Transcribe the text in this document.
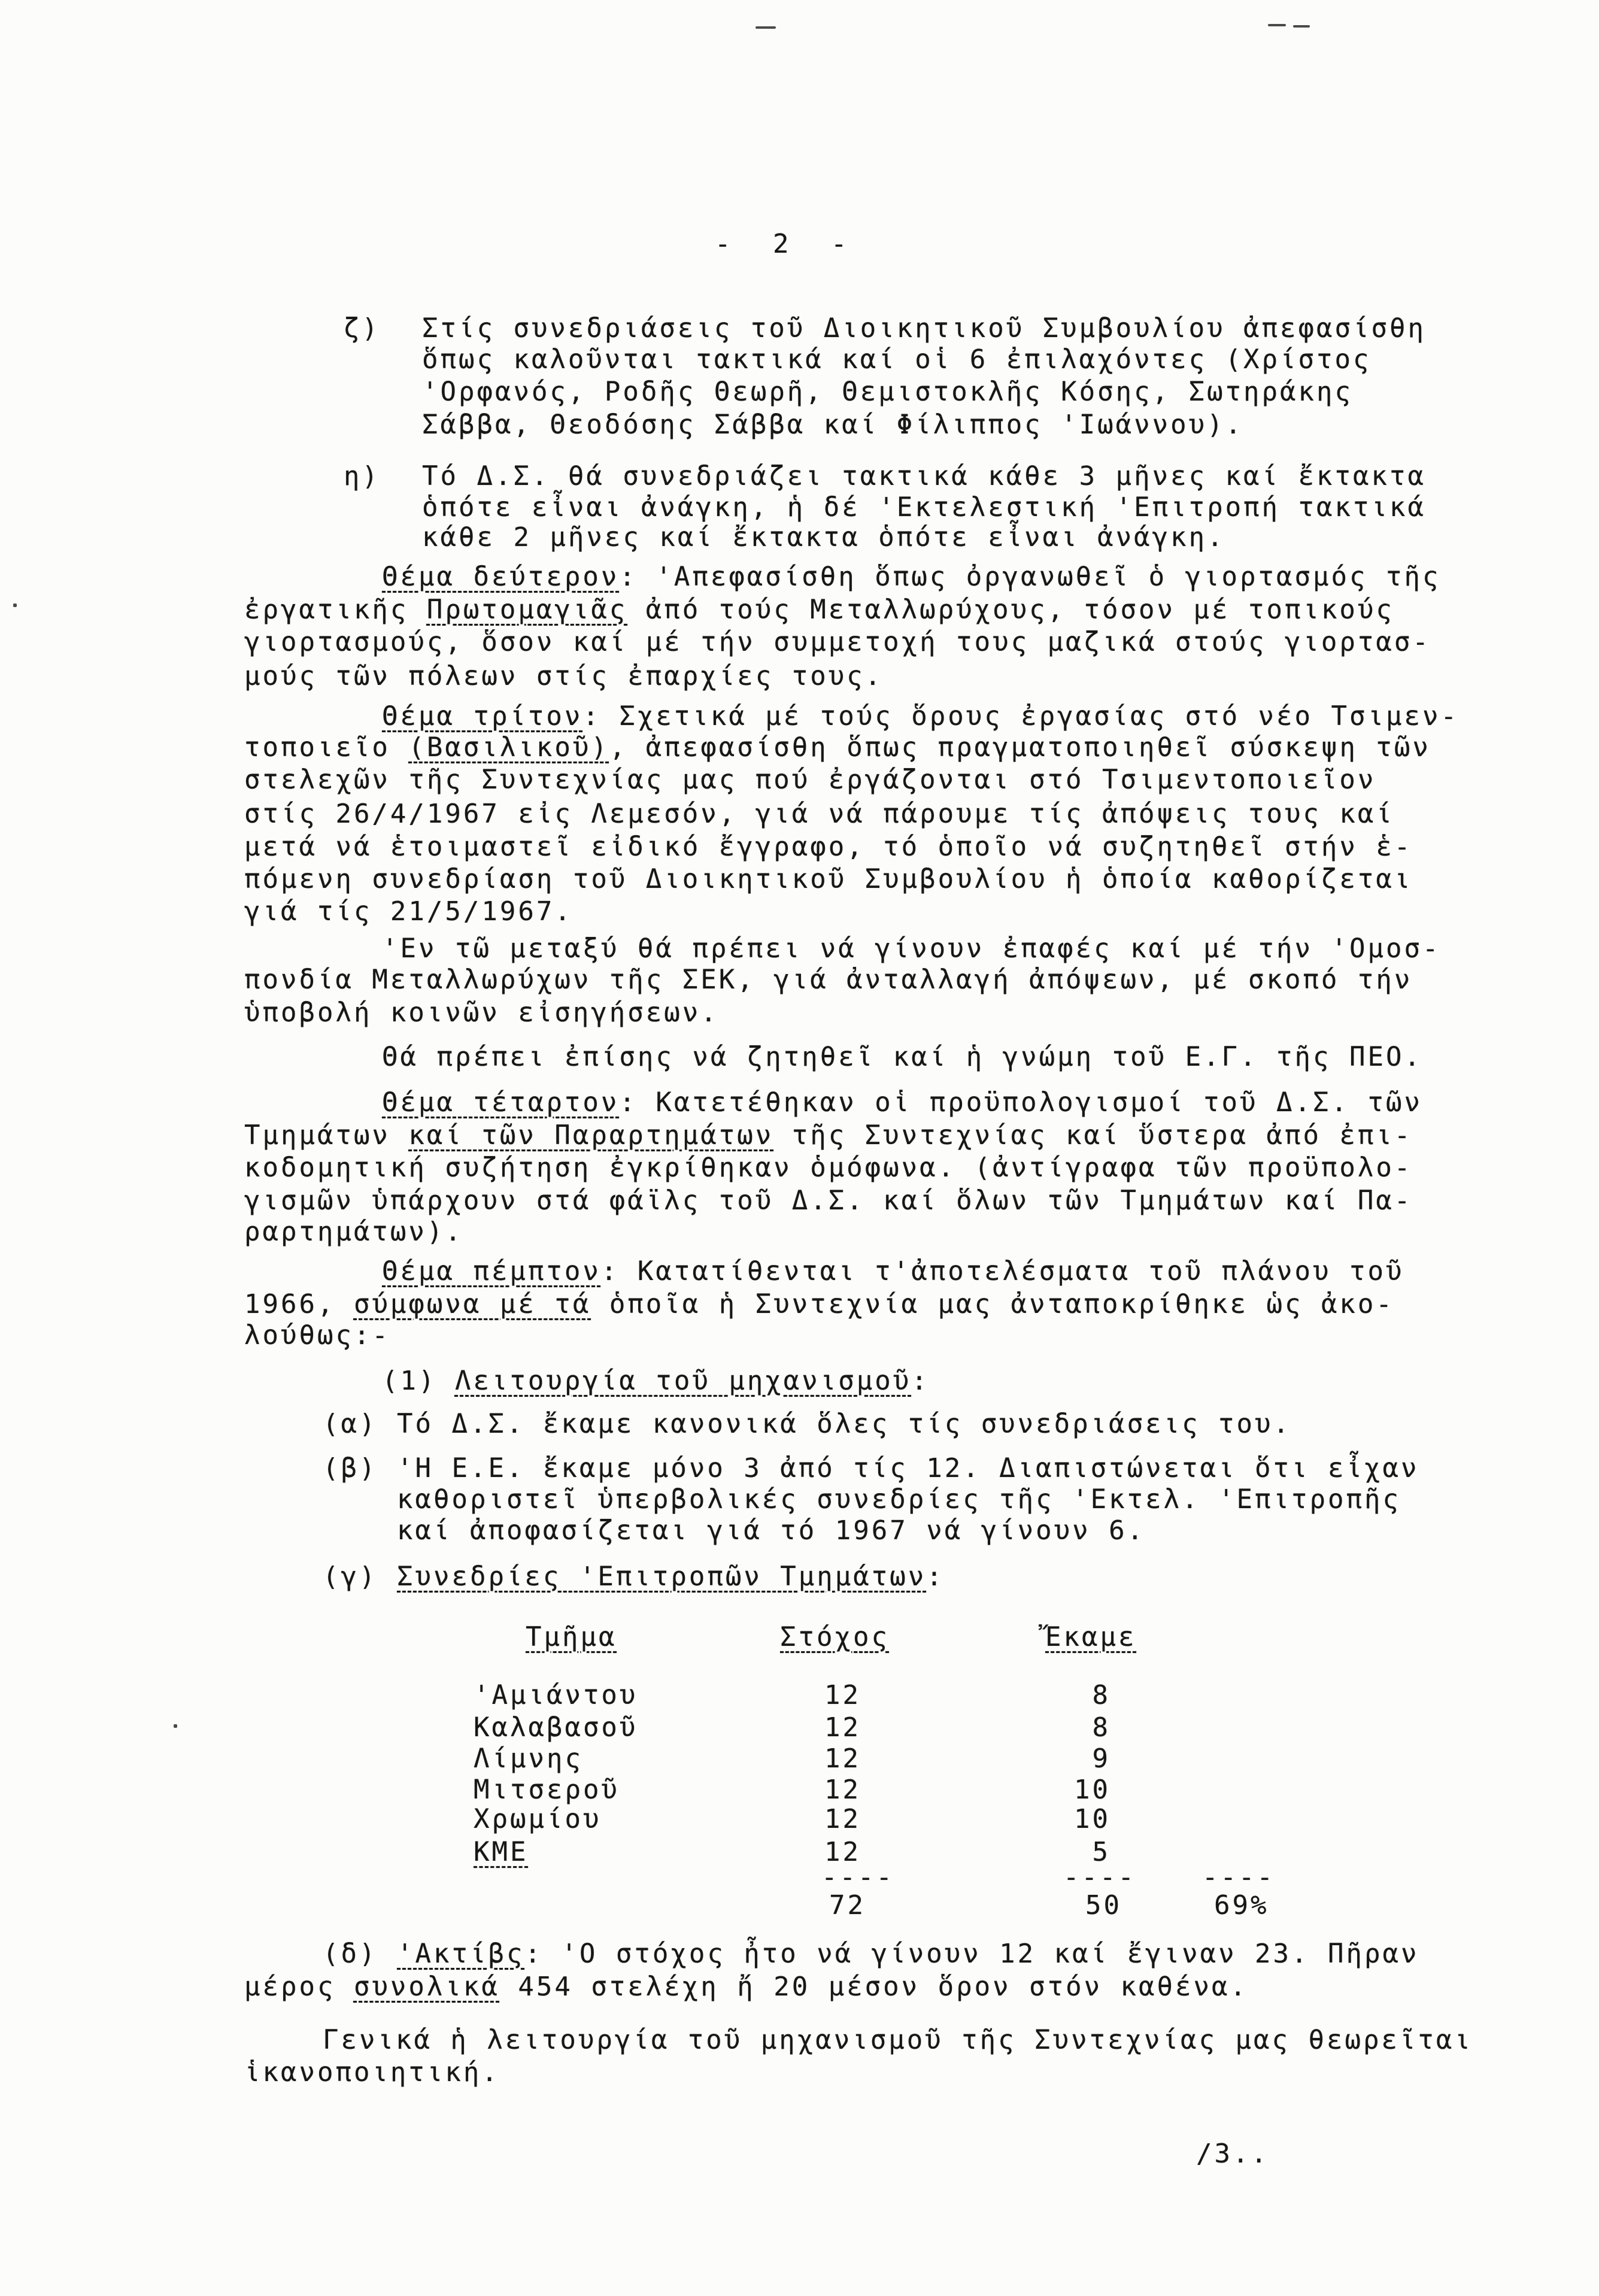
- 2 -
ζ) Στίς συνεδριάσεις τοῦ Διοικητικοῦ Συμβουλίου ἀπεφασίσθη
ὅπως καλοῦνται τακτικά καί οἱ 6 ἐπιλαχόντες (Χρίστος
'Ορφανός, Ροδῆς Θεωρῆ, Θεμιστοκλῆς Κόσης, Σωτηράκης
Σάββα, Θεοδόσης Σάββα καί Φίλιππος 'Ιωάννου).
η) Τό Δ.Σ. θά συνεδριάζει τακτικά κάθε 3 μῆνες καί ἔκτακτα
ὁπότε εἶναι ἀνάγκη, ἡ δέ 'Εκτελεστική 'Επιτροπή τακτικά
κάθε 2 μῆνες καί ἔκτακτα ὁπότε εἶναι ἀνάγκη.
Θέμα δεύτερον: 'Απεφασίσθη ὅπως ὀργανωθεῖ ὁ γιορτασμός τῆς
ἐργατικῆς Πρωτομαγιᾶς ἀπό τούς Μεταλλωρύχους, τόσον μέ τοπικούς
γιορτασμούς, ὅσον καί μέ τήν συμμετοχή τους μαζικά στούς γιορτασ-
μούς τῶν πόλεων στίς ἐπαρχίες τους.
Θέμα τρίτον: Σχετικά μέ τούς ὅρους ἐργασίας στό νέο Τσιμεν-
τοποιεῖο (Βασιλικοῦ), ἀπεφασίσθη ὅπως πραγματοποιηθεῖ σύσκεψη τῶν
στελεχῶν τῆς Συντεχνίας μας πού ἐργάζονται στό Τσιμεντοποιεῖον
στίς 26/4/1967 εἰς Λεμεσόν, γιά νά πάρουμε τίς ἀπόψεις τους καί
μετά νά ἑτοιμαστεῖ εἰδικό ἔγγραφο, τό ὁποῖο νά συζητηθεῖ στήν ἑ-
πόμενη συνεδρίαση τοῦ Διοικητικοῦ Συμβουλίου ἡ ὁποία καθορίζεται
γιά τίς 21/5/1967.
'Εν τῶ μεταξύ θά πρέπει νά γίνουν ἐπαφές καί μέ τήν 'Ομοσ-
πονδία Μεταλλωρύχων τῆς ΣΕΚ, γιά ἀνταλλαγή ἀπόψεων, μέ σκοπό τήν
ὑποβολή κοινῶν εἰσηγήσεων.
Θά πρέπει ἐπίσης νά ζητηθεῖ καί ἡ γνώμη τοῦ Ε.Γ. τῆς ΠΕΟ.
Θέμα τέταρτον: Κατετέθηκαν οἱ προϋπολογισμοί τοῦ Δ.Σ. τῶν
Τμημάτων καί τῶν Παραρτημάτων τῆς Συντεχνίας καί ὕστερα ἀπό ἐπι-
κοδομητική συζήτηση ἐγκρίθηκαν ὁμόφωνα. (ἀντίγραφα τῶν προϋπολο-
γισμῶν ὑπάρχουν στά φάϊλς τοῦ Δ.Σ. καί ὅλων τῶν Τμημάτων καί Πα-
ραρτημάτων).
Θέμα πέμπτον: Κατατίθενται τ'ἀποτελέσματα τοῦ πλάνου τοῦ
1966, σύμφωνα μέ τά ὁποῖα ἡ Συντεχνία μας ἀνταποκρίθηκε ὡς ἀκο-
λούθως:-
(1) Λειτουργία τοῦ μηχανισμοῦ:
(α) Τό Δ.Σ. ἔκαμε κανονικά ὅλες τίς συνεδριάσεις του.
(β) 'Η Ε.Ε. ἔκαμε μόνο 3 ἀπό τίς 12. Διαπιστώνεται ὅτι εἶχαν
καθοριστεῖ ὑπερβολικές συνεδρίες τῆς 'Εκτελ. 'Επιτροπῆς
καί ἀποφασίζεται γιά τό 1967 νά γίνουν 6.
(γ) Συνεδρίες 'Επιτροπῶν Τμημάτων:
Τμῆμα	Στόχος	Ἔκαμε
'Αμιάντου	12	8
Καλαβασοῦ	12	8
Λίμνης	12	9
Μιτσεροῦ	12	10
Χρωμίου	12	10
ΚΜΕ	12	5
----	----	----
72	50	69%
(δ) 'Ακτίβς: 'Ο στόχος ἦτο νά γίνουν 12 καί ἔγιναν 23. Πῆραν
μέρος συνολικά 454 στελέχη ἤ 20 μέσον ὅρον στόν καθένα.
Γενικά ἡ λειτουργία τοῦ μηχανισμοῦ τῆς Συντεχνίας μας θεωρεῖται
ἱκανοποιητική.
/3..
